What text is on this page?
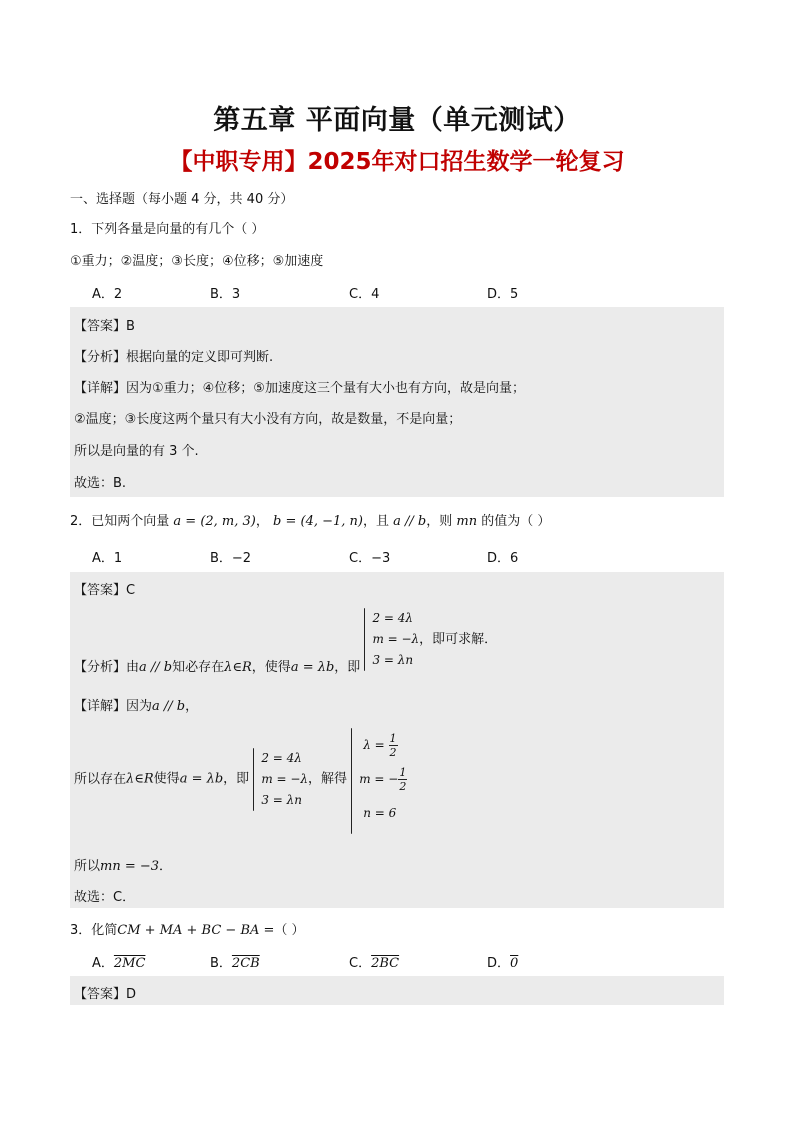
第五章 平面向量（单元测试）
【中职专用】2025年对口招生数学一轮复习
一、选择题（每小题 4 分，共 40 分）
1．下列各量是向量的有几个（ ）
①重力；②温度；③长度；④位移；⑤加速度
A．2	B．3	C．4	D．5
【答案】B
【分析】根据向量的定义即可判断.
【详解】因为①重力；④位移；⑤加速度这三个量有大小也有方向，故是向量；
②温度；③长度这两个量只有大小没有方向，故是数量，不是向量；
所以是向量的有 3 个.
故选：B.
2．已知两个向量 a = (2, m, 3)， b = (4, −1, n)，且 a // b，则 mn 的值为（ ）
A．1	B．−2	C．−3	D．6
【答案】C
【分析】由a // b知必存在λ∈R，使得a = λb，即
2 = 4λ
m = −λ
3 = λn
，即可求解．
【详解】因为a // b，
所以存在λ∈R使得a = λb，即
2 = 4λ
m = −λ
3 = λn
，解得
$\lambda = \frac{1}{2}$
m = − $\frac{1}{2}$
n = 6
所以mn = −3．
故选：C．
3．化简CM + MA + BC − BA =（ ）
A．2MC	B．2CB	C．2BC	D．0
【答案】D
